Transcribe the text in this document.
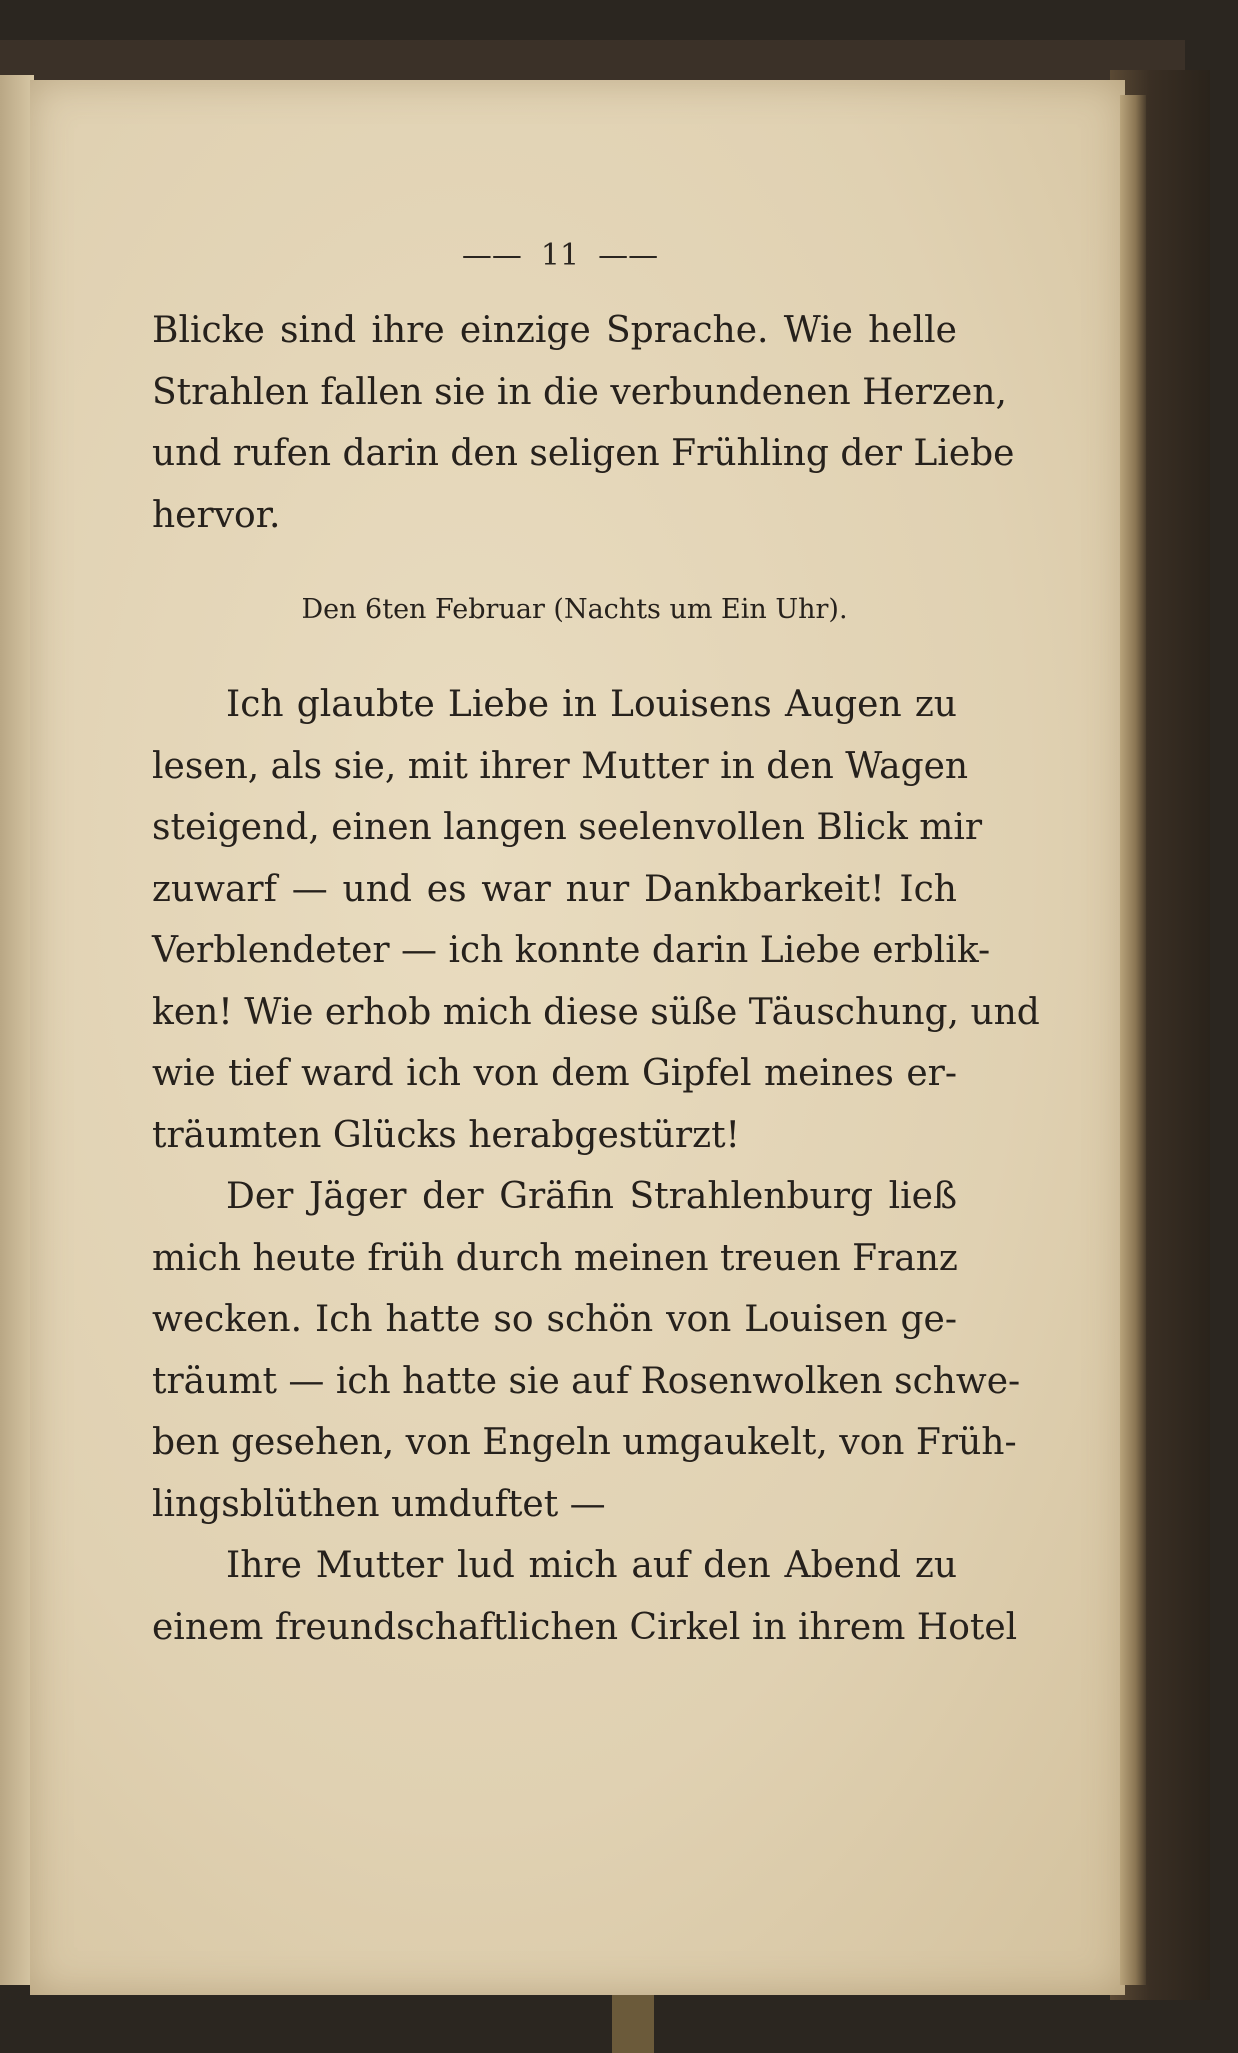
——  11  ——
Blicke sind ihre einzige Sprache. Wie helle
Strahlen fallen sie in die verbundenen Herzen,
und rufen darin den seligen Frühling der Liebe
hervor.
Den 6ten Februar (Nachts um Ein Uhr).
Ich glaubte Liebe in Louisens Augen zu
lesen, als sie, mit ihrer Mutter in den Wagen
steigend, einen langen seelenvollen Blick mir
zuwarf — und es war nur Dankbarkeit! Ich
Verblendeter — ich konnte darin Liebe erblik-
ken! Wie erhob mich diese süße Täuschung, und
wie tief ward ich von dem Gipfel meines er-
träumten Glücks herabgestürzt!
Der Jäger der Gräfin Strahlenburg ließ
mich heute früh durch meinen treuen Franz
wecken. Ich hatte so schön von Louisen ge-
träumt — ich hatte sie auf Rosenwolken schwe-
ben gesehen, von Engeln umgaukelt, von Früh-
lingsblüthen umduftet —
Ihre Mutter lud mich auf den Abend zu
einem freundschaftlichen Cirkel in ihrem Hotel
